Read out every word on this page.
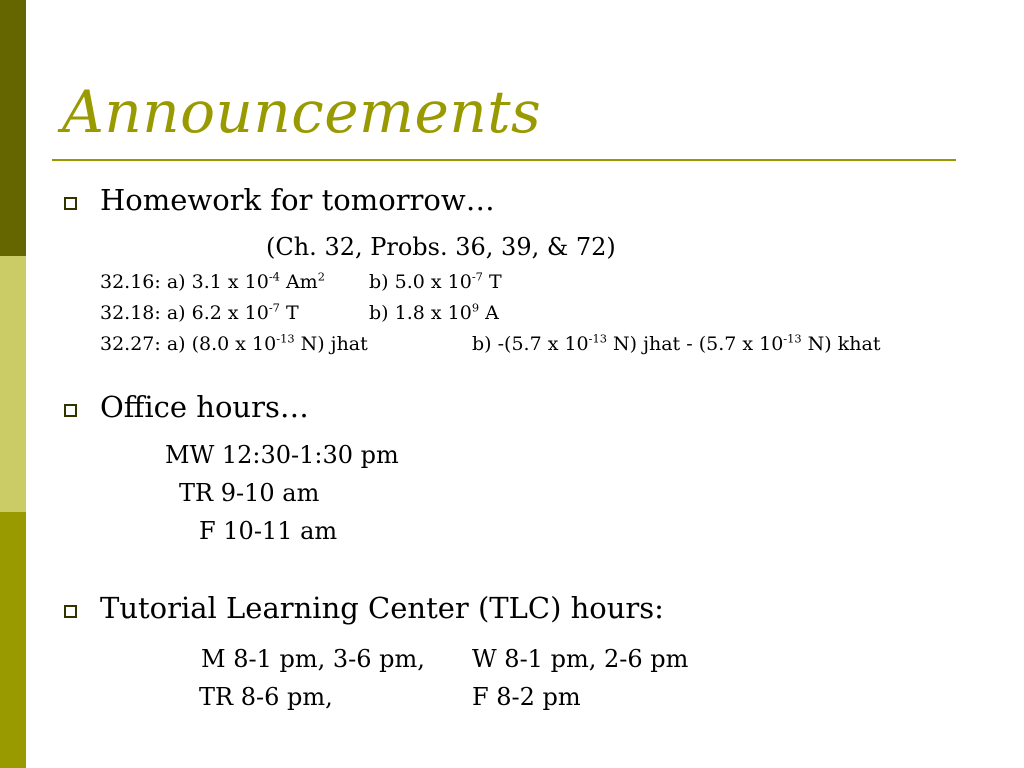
Announcements
Homework for tomorrow…
(Ch. 32, Probs. 36, 39, & 72)
32.16: a) 3.1 x $10^{-4}$ Am$^2$ b) 5.0 x $10^{-7}$ T
32.18: a) 6.2 x $10^{-7}$ T	b) 1.8 x $10^9$ A
32.27: a) (8.0 x $10^{-13}$ N) jhat	b) -(5.7 x $10^{-13}$ N) jhat - (5.7 x $10^{-13}$ N) khat
Office hours…
MW 12:30-1:30 pm
TR 9-10 am
F 10-11 am
Tutorial Learning Center (TLC) hours:
M 8-1 pm, 3-6 pm, W 8-1 pm, 2-6 pm
TR 8-6 pm,	F 8-2 pm
